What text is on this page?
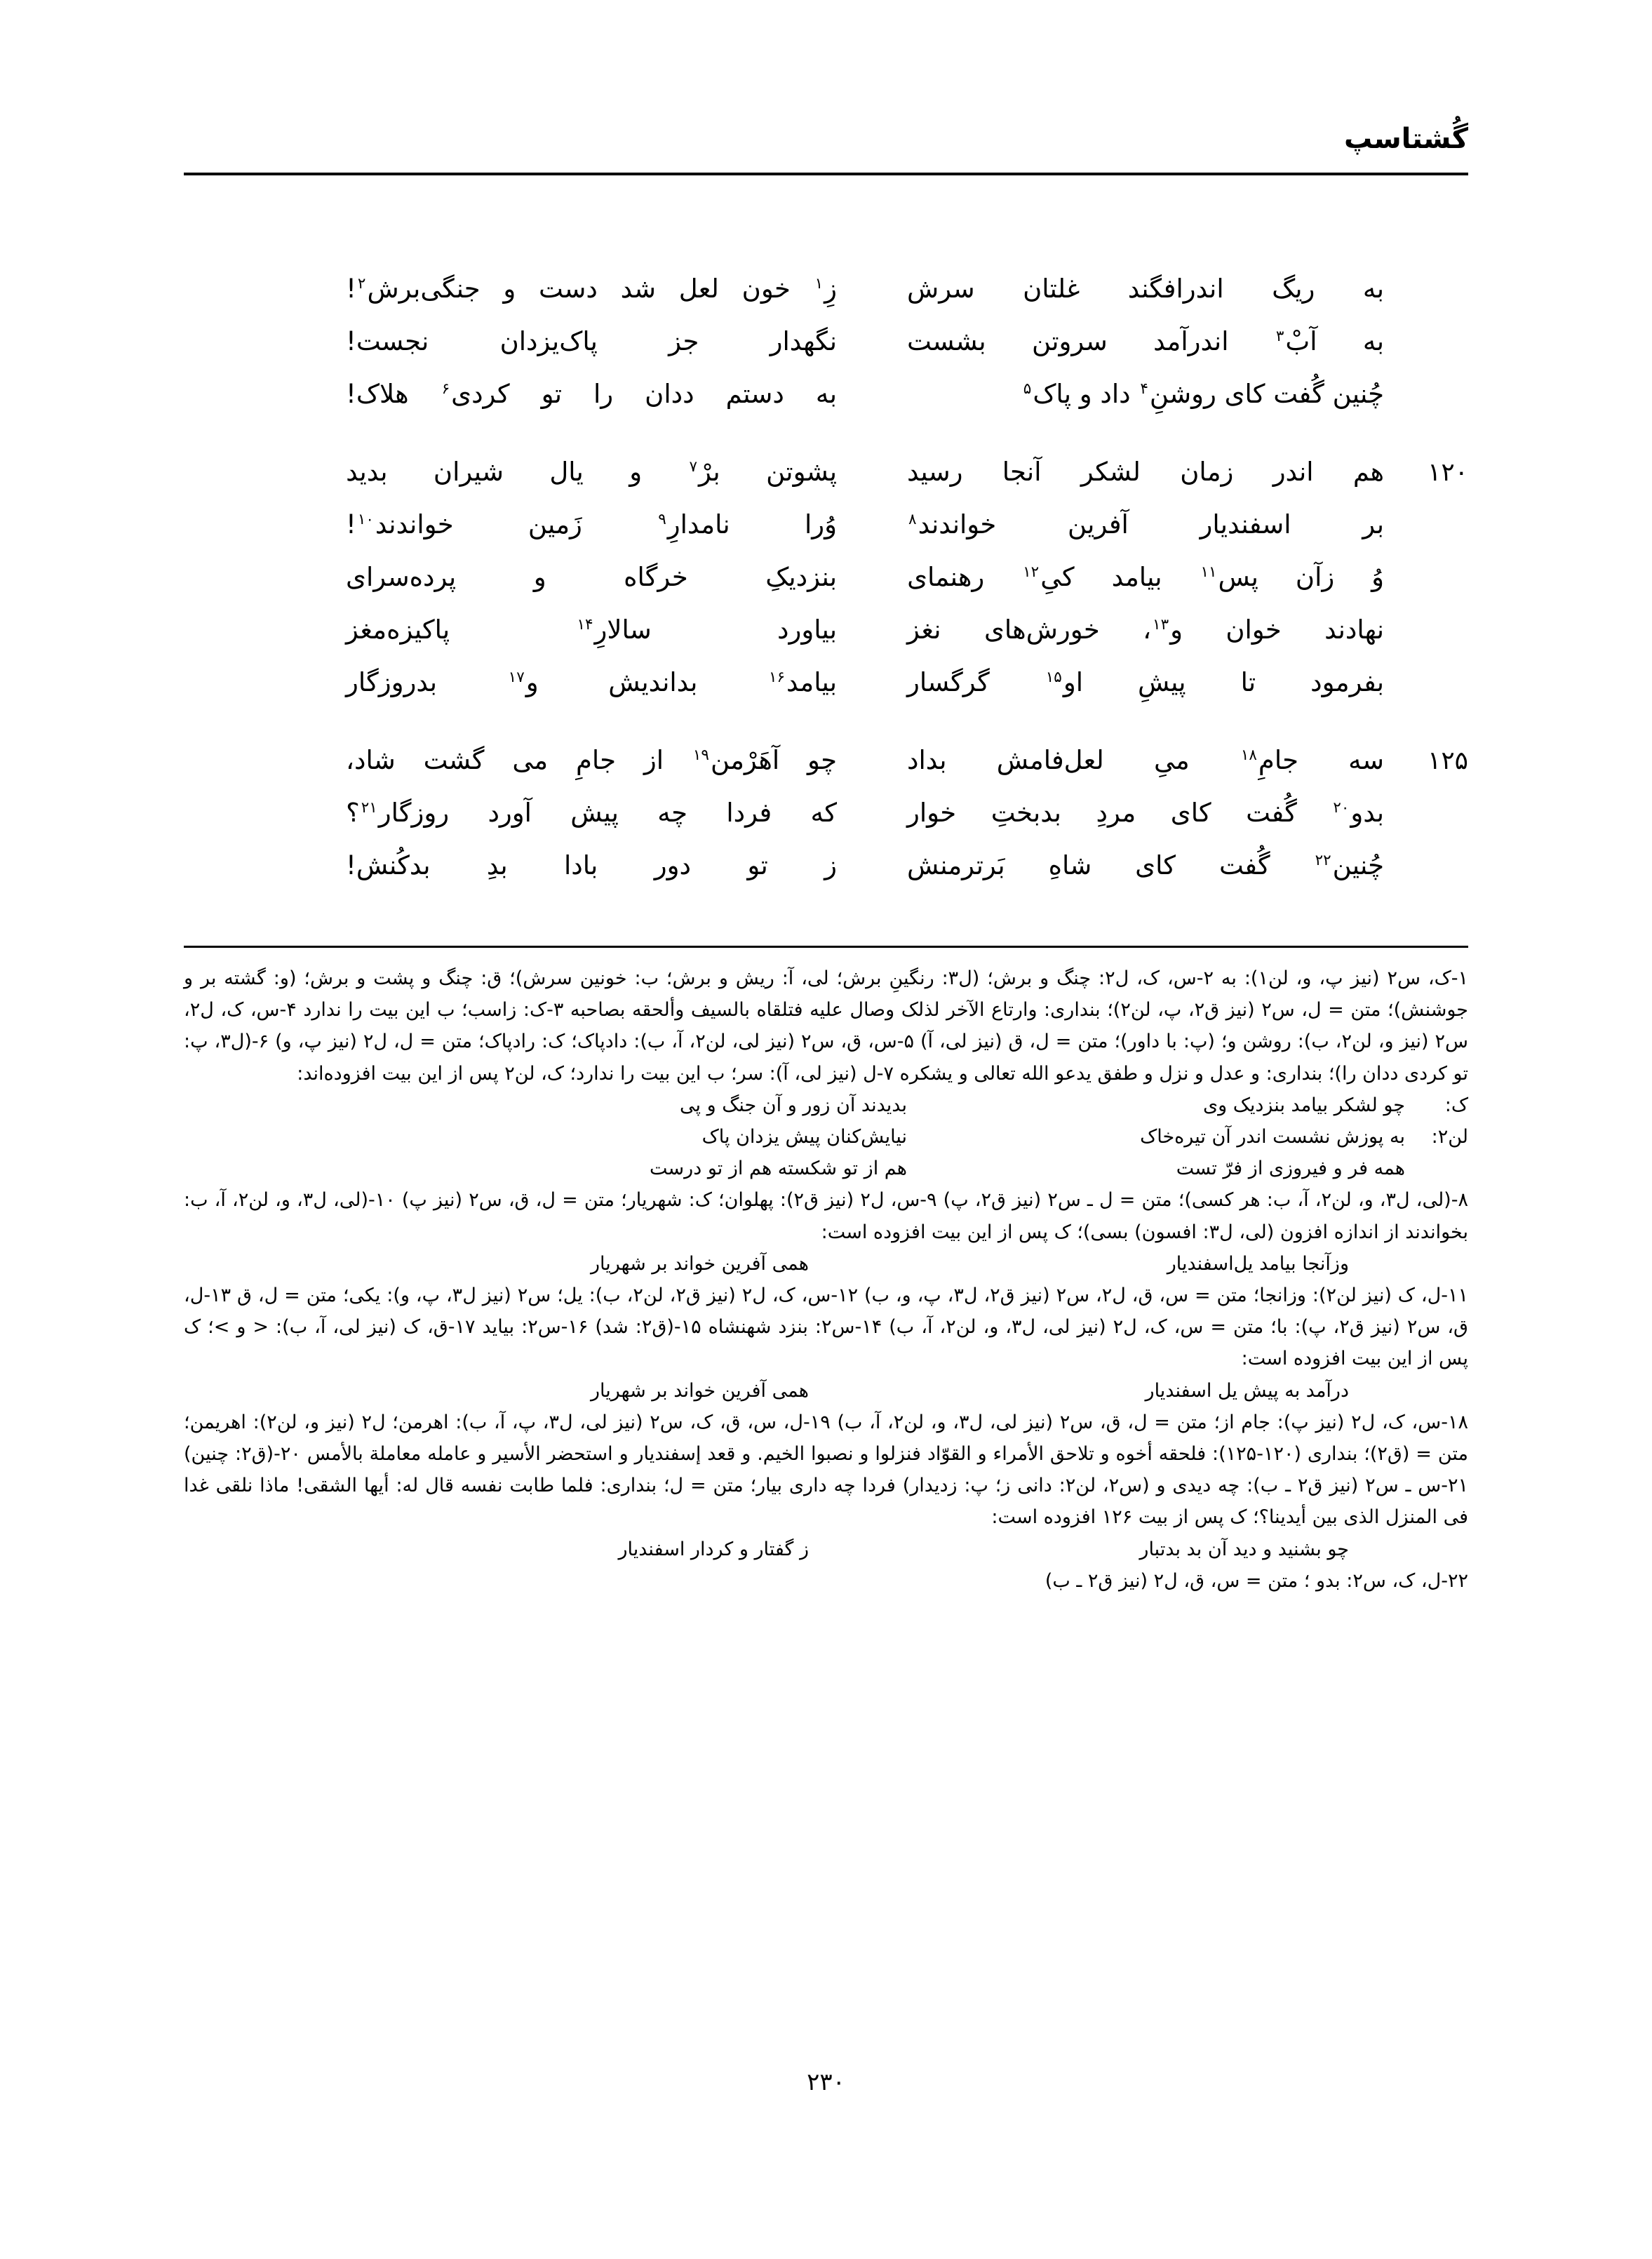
گُشتاسپ
به
ریگ
اندرافگند
غلتان
سرش
زِ$^۱$
خون
لعل
شد
دست
و
جنگی‌برش$^۲$!
به
آبْ$^۳$
اندرآمد
سروتن
بشست
نگهدار
جز
پاک‌یزدان
نجست!
چُنین گُفت کای روشنِ$^۴$ داد و پاک$^۵$
به
دستم
ددان
را
تو
کردی$^۶$
هلاک!
۱۲۰
هم
اندر
زمان
لشکر
آنجا
رسید
پشوتن
برْ$^۷$
و
یال
شیران
بدید
بر
اسفندیار
آفرین
خواندند$^۸$
وُرا
نامدارِ$^۹$
زَمین
خواندند$^{۱۰}$!
وُ
زآن
پس$^{۱۱}$
بیامد
کیِ$^{۱۲}$
رهنمای
بنزدیکِ
خرگاه
و
پرده‌سرای
نهادند
خوان
و$^{۱۳}$،
خورش‌های
نغز
بیاورد
سالارِ$^{۱۴}$
پاکیزه‌مغز
بفرمود
تا
پیشِ
او$^{۱۵}$
گرگسار
بیامد$^{۱۶}$
بداندیش
و$^{۱۷}$
بدروزگار
۱۲۵
سه
جامِ$^{۱۸}$
میِ
لعل‌فامش
بداد
چو
آهَرْمن$^{۱۹}$
از
جامِ
می
گشت
شاد،
بدو$^{۲۰}$
گُفت
کای
مردِ
بدبختِ
خوار
که
فردا
چه
پیش
آورد
روزگار$^{۲۱}$؟
چُنین$^{۲۲}$
گُفت
کای
شاهِ
بَرترمنش
ز
تو
دور
بادا
بدِ
بدکُنش!

۱-ک، س۲ (نیز پ، و، لن۱): به ۲-س، ک، ل۲: چنگ و برش؛ (ل۳: رنگینِ برش؛ لی، آ: ریش و برش؛ ب: خونین سرش)؛ ق: چنگ و پشت و برش؛ (و: گشته بر و جوشنش)؛ متن = ل، س۲ (نیز ق۲، پ، لن۲)؛ بنداری: وارتاع الآخر لذلک وصال علیه فتلقاه بالسیف وألحقه بصاحبه ۳-ک: زاسب؛ ب این بیت را ندارد ۴-س، ک، ل۲، س۲ (نیز و، لن۲، ب): روشن و؛ (پ: با داور)؛ متن = ل، ق (نیز لی، آ) ۵-س، ق، س۲ (نیز لی، لن۲، آ، ب): دادپاک؛ ک: رادپاک؛ متن = ل، ل۲ (نیز پ، و) ۶-(ل۳، پ: تو کردی ددان را)؛ بنداری: و عدل و نزل و طفق یدعو الله تعالی و یشکره ۷-ل (نیز لی، آ): سر؛ ب این بیت را ندارد؛ ک، لن۲ پس از این بیت افزوده‌اند:

ک:
چو لشکر بیامد بنزدیک وی
بدیدند آن زور و آن جنگ و پی
لن۲:
به پوزش نشست اندر آن تیره‌خاک
نیایش‌کنان پیش یزدان پاک
همه فر و فیروزی از فرّ تست
هم از تو شکسته هم از تو درست

۸-(لی، ل۳، و، لن۲، آ، ب: هر کسی)؛ متن = ل ـ س۲ (نیز ق۲، پ) ۹-س، ل۲ (نیز ق۲): پهلوان؛ ک: شهریار؛ متن = ل، ق، س۲ (نیز پ) ۱۰-(لی، ل۳، و، لن۲، آ، ب: بخواندند از اندازه افزون (لی، ل۳: افسون) بسی)؛ ک پس از این بیت افزوده است:

وزآنجا بیامد یل‌اسفندیار
همی آفرین خواند بر شهریار

۱۱-ل، ک (نیز لن۲): وزانجا؛ متن = س، ق، ل۲، س۲ (نیز ق۲، ل۳، پ، و، ب) ۱۲-س، ک، ل۲ (نیز ق۲، لن۲، ب): یل؛ س۲ (نیز ل۳، پ، و): یکی؛ متن = ل، ق ۱۳-ل، ق، س۲ (نیز ق۲، پ): با؛ متن = س، ک، ل۲ (نیز لی، ل۳، و، لن۲، آ، ب) ۱۴-س۲: بنزد شهنشاه ۱۵-(ق۲: شد) ۱۶-س۲: بیاید ۱۷-ق، ک (نیز لی، آ، ب): < و >؛ ک پس از این بیت افزوده است:

درآمد به پیش یل اسفندیار
همی آفرین خواند بر شهریار

۱۸-س، ک، ل۲ (نیز پ): جام از؛ متن = ل، ق، س۲ (نیز لی، ل۳، و، لن۲، آ، ب) ۱۹-ل، س، ق، ک، س۲ (نیز لی، ل۳، پ، آ، ب): اهرمن؛ ل۲ (نیز و، لن۲): اهریمن؛ متن = (ق۲)؛ بنداری (۱۲۰-۱۲۵): فلحقه أخوه و تلاحق الأمراء و القوّاد فنزلوا و نصبوا الخیم. و قعد إسفندیار و استحضر الأسیر و عامله معاملة بالأمس ۲۰-(ق۲: چنین) ۲۱-س ـ س۲ (نیز ق۲ ـ ب): چه دیدی و (س۲، لن۲: دانی ز؛ پ: زدیدار) فردا چه داری بیار؛ متن = ل؛ بنداری: فلما طابت نفسه قال له: أیها الشقی! ماذا نلقی غدا فی المنزل الذی بین أیدینا؟؛ ک پس از بیت ۱۲۶ افزوده است:

چو بشنید و دید آن بد بدتبار
ز گفتار و کردار اسفندیار

۲۲-ل، ک، س۲: بدو ؛ متن = س، ق، ل۲ (نیز ق۲ ـ ب)

۲۳۰
